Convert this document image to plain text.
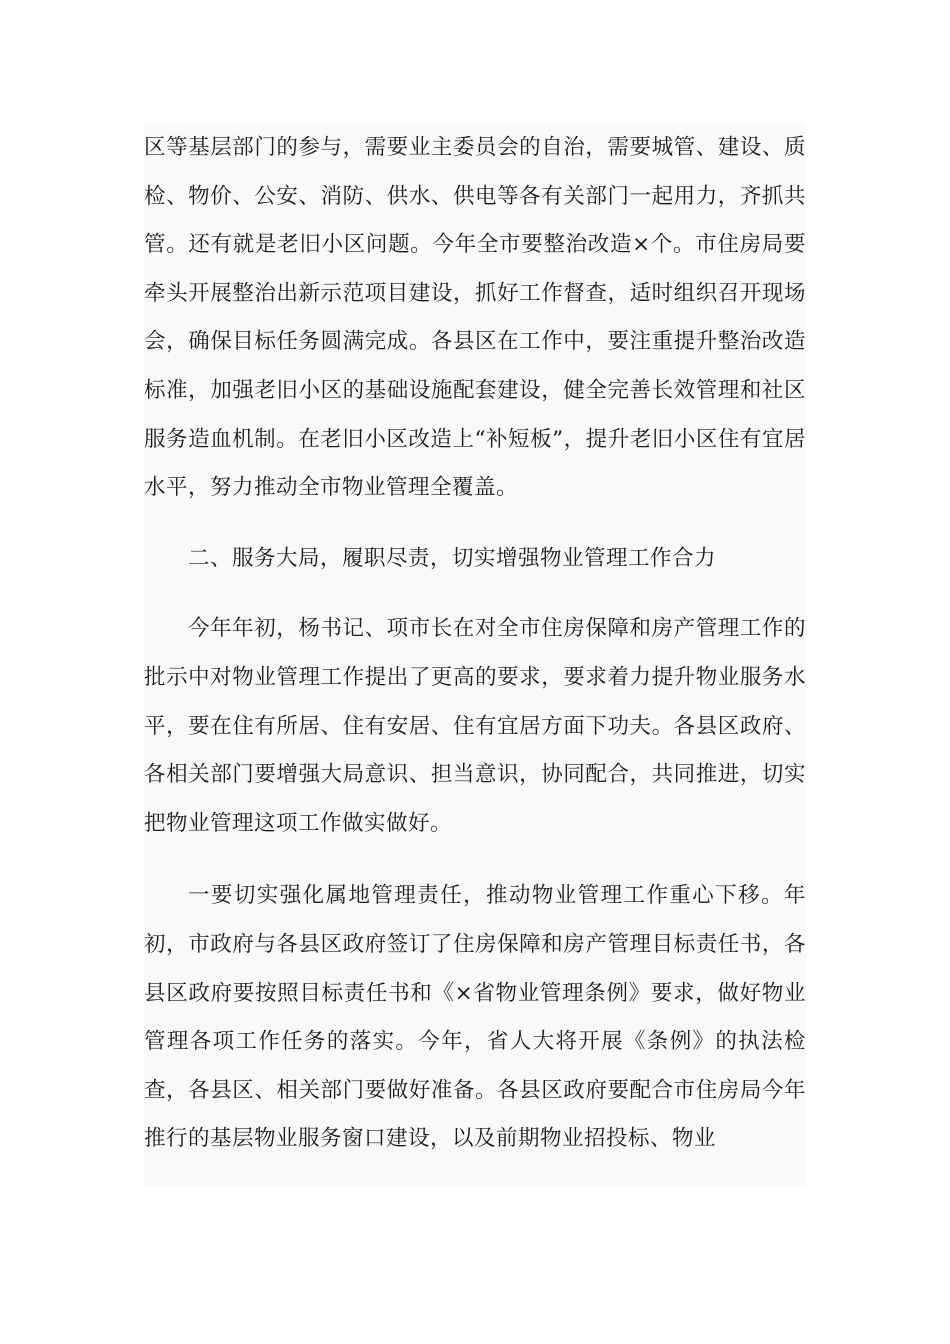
区等基层部门的参与，需要业主委员会的自治，需要城管、建设、质检、物价、公安、消防、供水、供电等各有关部门一起用力，齐抓共管。还有就是老旧小区问题。今年全市要整治改造×个。市住房局要牵头开展整治出新示范项目建设，抓好工作督查，适时组织召开现场会，确保目标任务圆满完成。各县区在工作中，要注重提升整治改造标准，加强老旧小区的基础设施配套建设，健全完善长效管理和社区服务造血机制。在老旧小区改造上“补短板”，提升老旧小区住有宜居水平，努力推动全市物业管理全覆盖。

二、服务大局，履职尽责，切实增强物业管理工作合力

今年年初，杨书记、项市长在对全市住房保障和房产管理工作的批示中对物业管理工作提出了更高的要求，要求着力提升物业服务水平，要在住有所居、住有安居、住有宜居方面下功夫。各县区政府、各相关部门要增强大局意识、担当意识，协同配合，共同推进，切实把物业管理这项工作做实做好。

一要切实强化属地管理责任，推动物业管理工作重心下移。年初，市政府与各县区政府签订了住房保障和房产管理目标责任书，各县区政府要按照目标责任书和《×省物业管理条例》要求，做好物业管理各项工作任务的落实。今年，省人大将开展《条例》的执法检查，各县区、相关部门要做好准备。各县区政府要配合市住房局今年推行的基层物业服务窗口建设，以及前期物业招投标、物业
